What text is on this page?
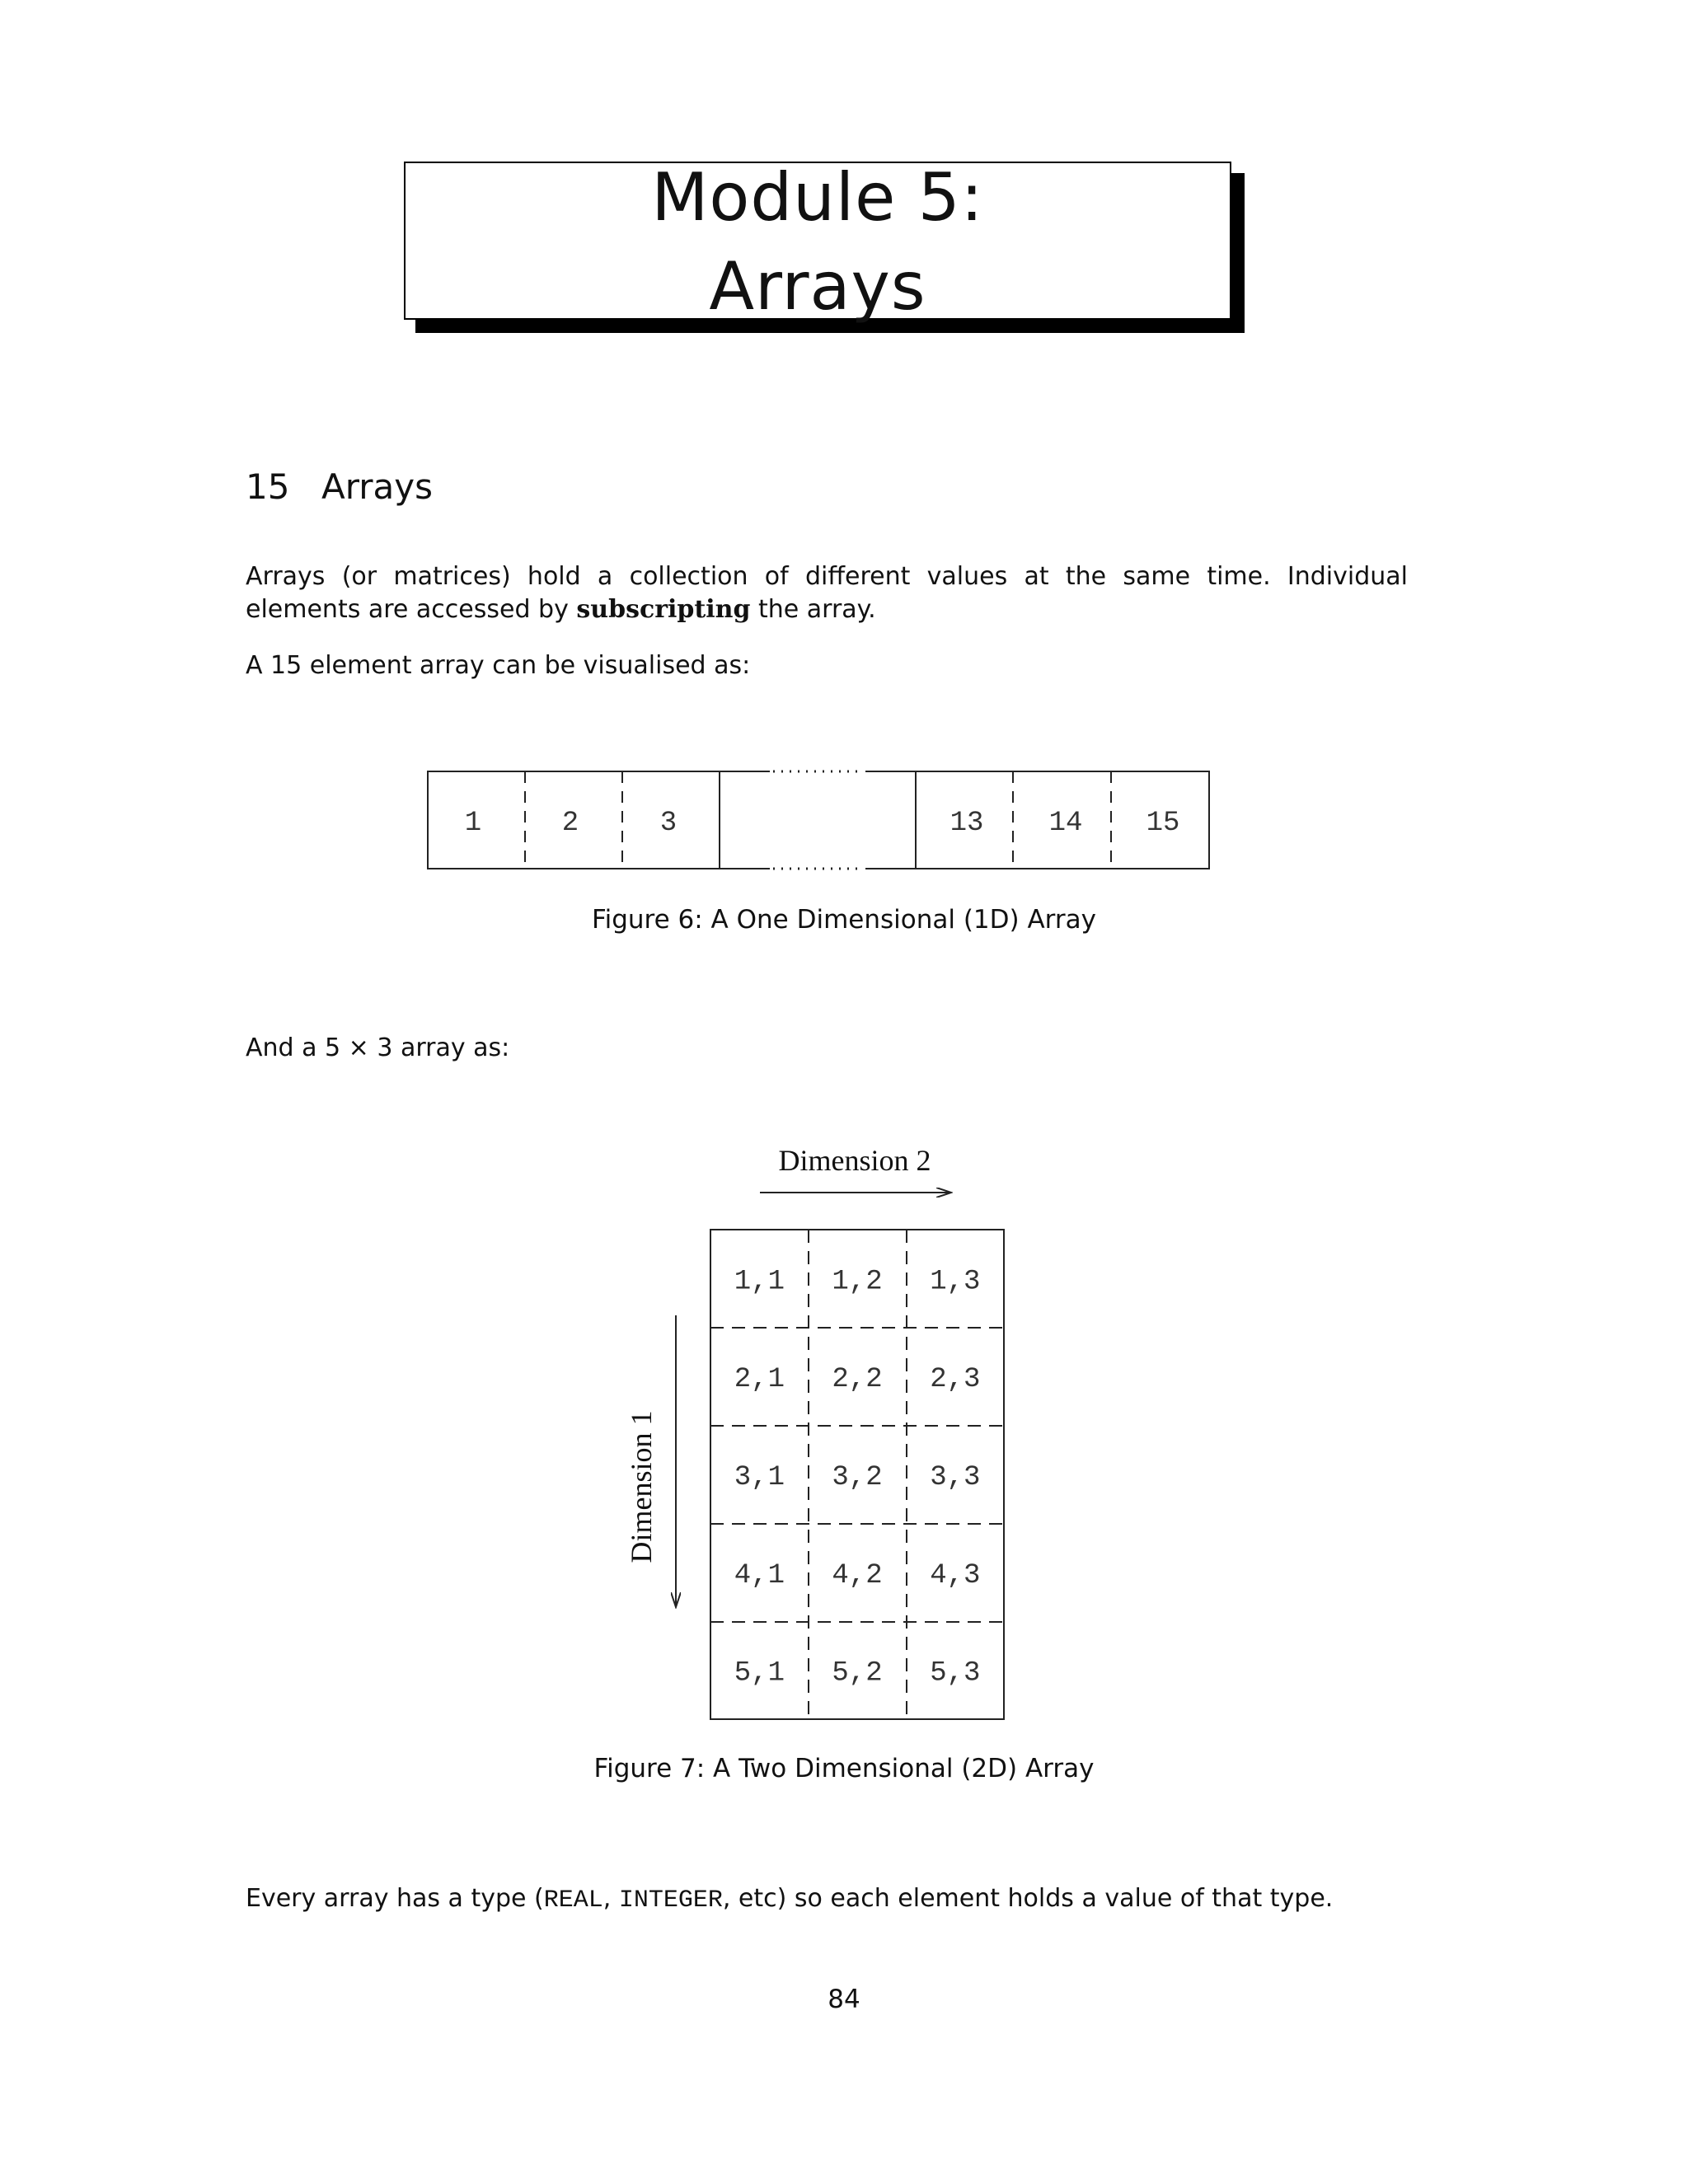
Module 5:
Arrays
15 Arrays
Arrays (or matrices) hold a collection of different values at the same time. Individual elements are accessed by subscripting the array.
A 15 element array can be visualised as:
1	2	3	13 14 15
Figure 6: A One Dimensional (1D) Array
And a 5 × 3 array as:
Dimension 2
Dimension 1
1,1 1,2 1,3
2,1 2,2 2,3
3,1 3,2 3,3
4,1 4,2 4,3
5,1 5,2 5,3
Figure 7: A Two Dimensional (2D) Array
Every array has a type (REAL, INTEGER, etc) so each element holds a value of that type.
84
